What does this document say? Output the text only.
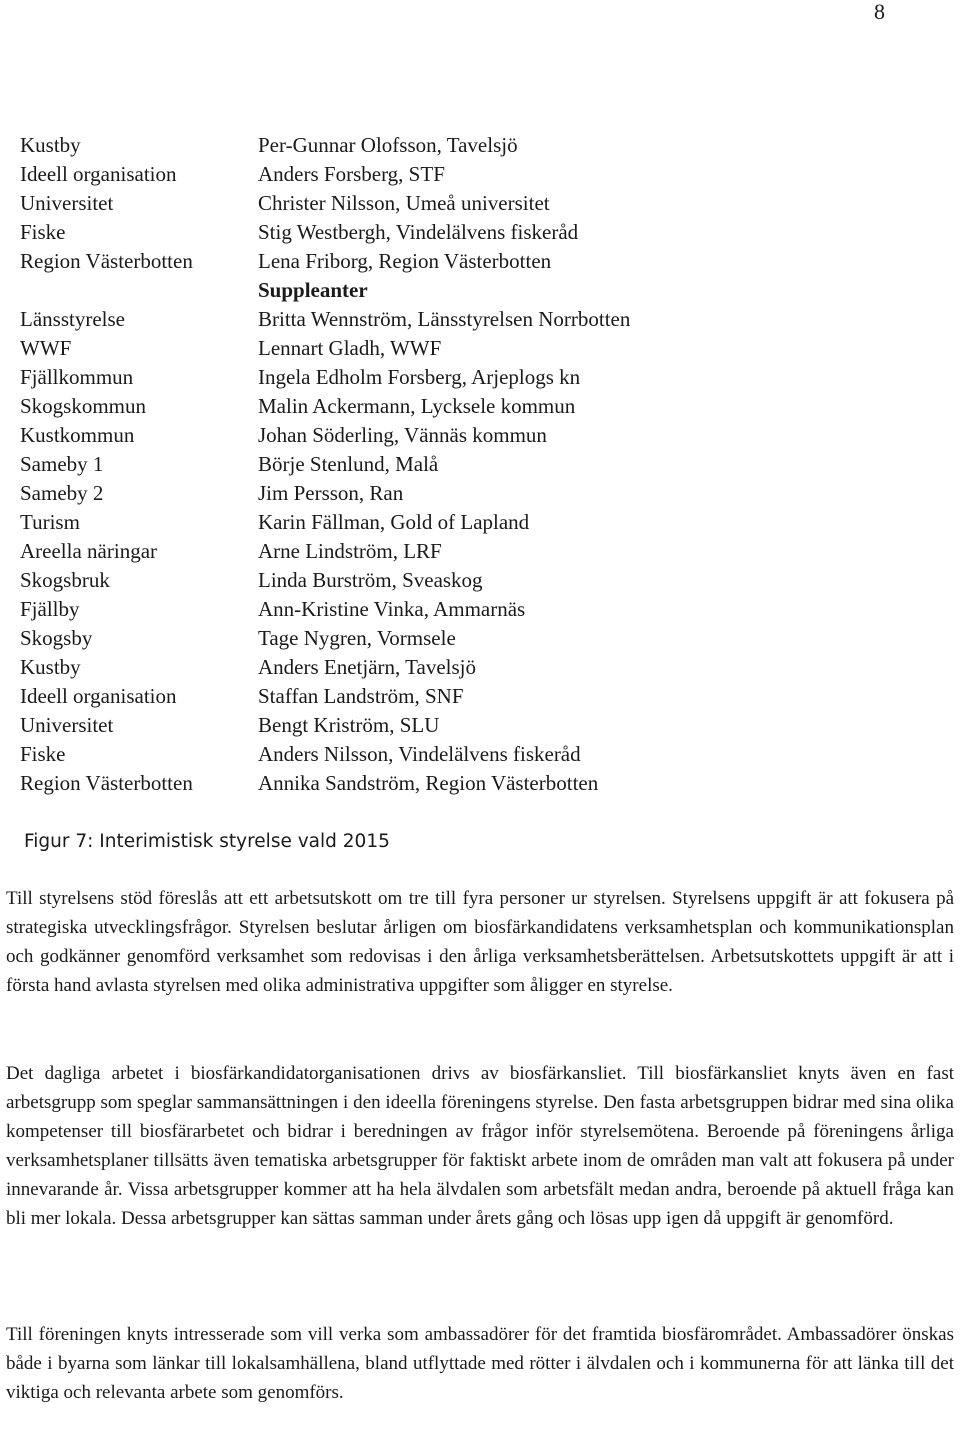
8
Kustby	Per-Gunnar Olofsson, Tavelsjö
Ideell organisation	Anders Forsberg, STF
Universitet	Christer Nilsson, Umeå universitet
Fiske	Stig Westbergh, Vindelälvens fiskeråd
Region Västerbotten	Lena Friborg, Region Västerbotten
	Suppleanter
Länsstyrelse	Britta Wennström, Länsstyrelsen Norrbotten
WWF	Lennart Gladh, WWF
Fjällkommun	Ingela Edholm Forsberg, Arjeplogs kn
Skogskommun	Malin Ackermann, Lycksele kommun
Kustkommun	Johan Söderling, Vännäs kommun
Sameby 1	Börje Stenlund, Malå
Sameby 2	Jim Persson, Ran
Turism	Karin Fällman, Gold of Lapland
Areella näringar	Arne Lindström, LRF
Skogsbruk	Linda Burström, Sveaskog
Fjällby	Ann-Kristine Vinka, Ammarnäs
Skogsby	Tage Nygren, Vormsele
Kustby	Anders Enetjärn, Tavelsjö
Ideell organisation	Staffan Landström, SNF
Universitet	Bengt Kriström, SLU
Fiske	Anders Nilsson, Vindelälvens fiskeråd
Region Västerbotten	Annika Sandström, Region Västerbotten
Figur 7: Interimistisk styrelse vald 2015

Till styrelsens stöd föreslås att ett arbetsutskott om tre till fyra personer ur styrelsen. Styrelsens uppgift är att fokusera på strategiska utvecklingsfrågor. Styrelsen beslutar årligen om biosfärkandidatens verksamhetsplan och kommunikationsplan och godkänner genomförd verksamhet som redovisas i den årliga verksamhetsberättelsen. Arbetsutskottets uppgift är att i första hand avlasta styrelsen med olika administrativa uppgifter som åligger en styrelse.

Det dagliga arbetet i biosfärkandidatorganisationen drivs av biosfärkansliet. Till biosfärkansliet knyts även en fast arbetsgrupp som speglar sammansättningen i den ideella föreningens styrelse. Den fasta arbetsgruppen bidrar med sina olika kompetenser till biosfärarbetet och bidrar i beredningen av frågor inför styrelsemötena. Beroende på föreningens årliga verksamhetsplaner tillsätts även tematiska arbetsgrupper för faktiskt arbete inom de områden man valt att fokusera på under innevarande år. Vissa arbetsgrupper kommer att ha hela älvdalen som arbetsfält medan andra, beroende på aktuell fråga kan bli mer lokala. Dessa arbetsgrupper kan sättas samman under årets gång och lösas upp igen då uppgift är genomförd.

Till föreningen knyts intresserade som vill verka som ambassadörer för det framtida biosfärområdet. Ambassadörer önskas både i byarna som länkar till lokalsamhällena, bland utflyttade med rötter i älvdalen och i kommunerna för att länka till det viktiga och relevanta arbete som genomförs.
